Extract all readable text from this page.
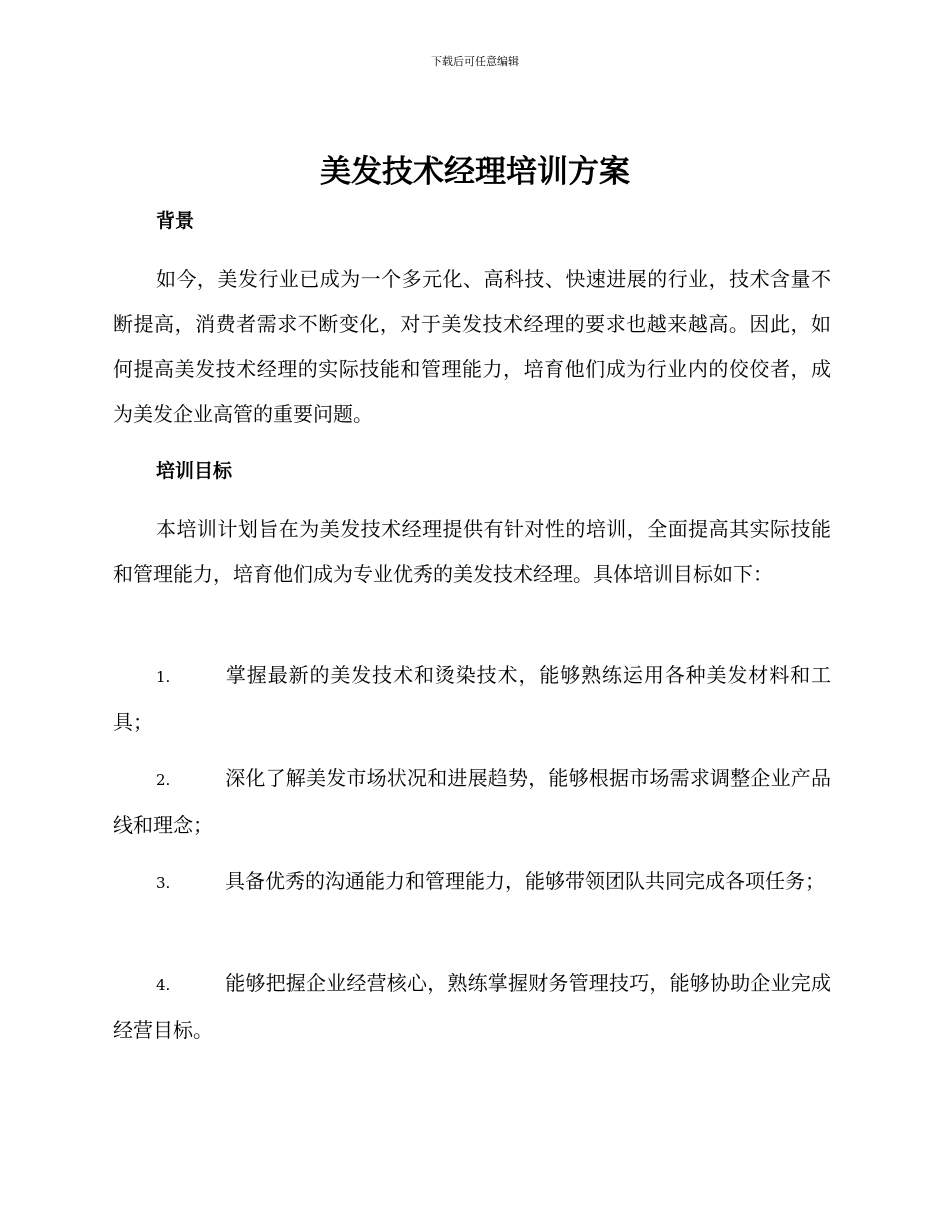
下载后可任意编辑
美发技术经理培训方案
背景

如今，美发行业已成为一个多元化、高科技、快速进展的行业，技术含量不断提高，消费者需求不断变化，对于美发技术经理的要求也越来越高。因此，如何提高美发技术经理的实际技能和管理能力，培育他们成为行业内的佼佼者，成为美发企业高管的重要问题。

培训目标

本培训计划旨在为美发技术经理提供有针对性的培训，全面提高其实际技能和管理能力，培育他们成为专业优秀的美发技术经理。具体培训目标如下：

1.	掌握最新的美发技术和烫染技术，能够熟练运用各种美发材料和工具；
2.	深化了解美发市场状况和进展趋势，能够根据市场需求调整企业产品线和理念；
3.	具备优秀的沟通能力和管理能力，能够带领团队共同完成各项任务；
4.	能够把握企业经营核心，熟练掌握财务管理技巧，能够协助企业完成经营目标。
